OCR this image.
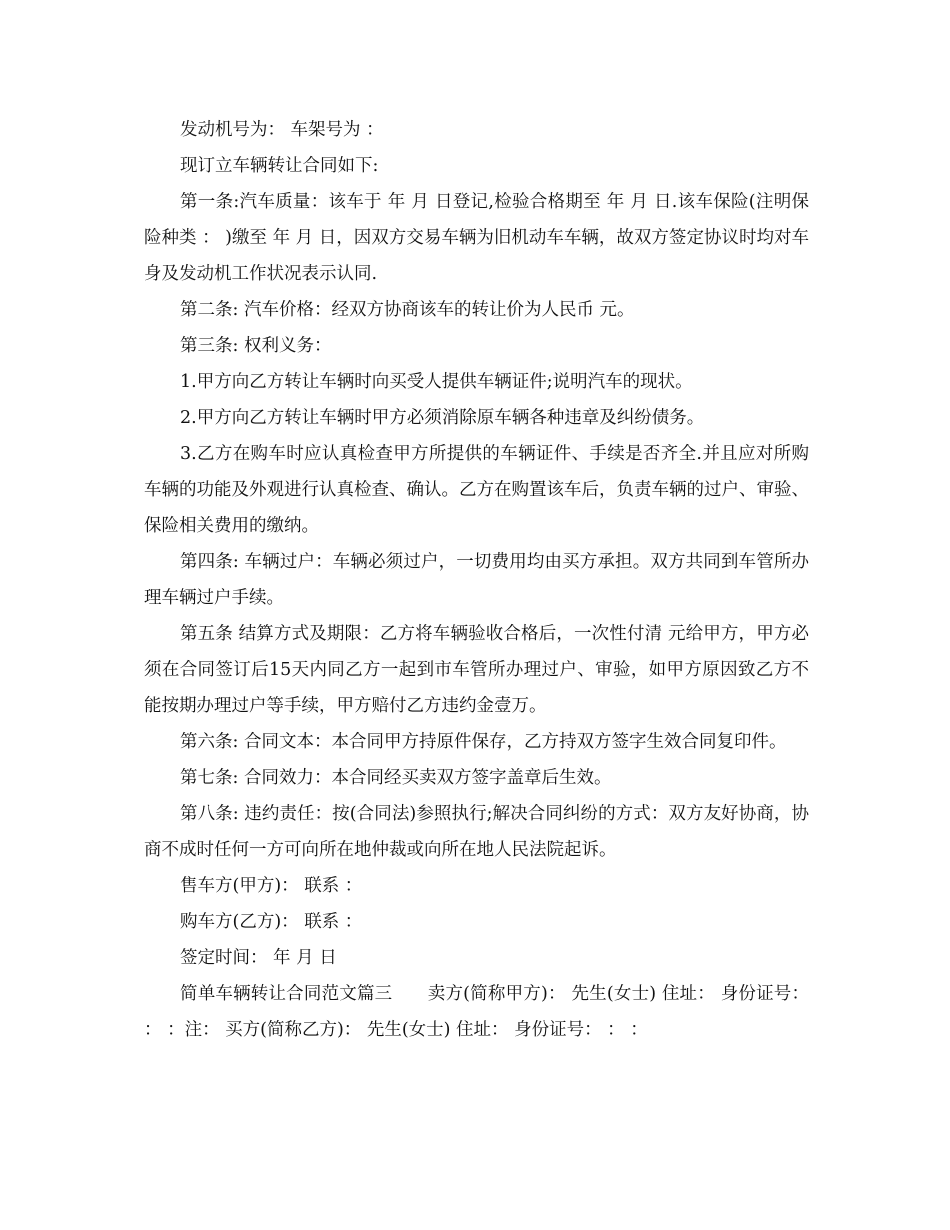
发动机号为： 车架号为 ：

现订立车辆转让合同如下:

第一条:汽车质量：该车于 年 月 日登记,检验合格期至 年 月 日.该车保险(注明保险种类 ： )缴至 年 月 日，因双方交易车辆为旧机动车车辆，故双方签定协议时均对车身及发动机工作状况表示认同.

第二条: 汽车价格：经双方协商该车的转让价为人民币 元。

第三条: 权利义务：

1.甲方向乙方转让车辆时向买受人提供车辆证件;说明汽车的现状。

2.甲方向乙方转让车辆时甲方必须消除原车辆各种违章及纠纷债务。

3.乙方在购车时应认真检查甲方所提供的车辆证件、手续是否齐全.并且应对所购车辆的功能及外观进行认真检查、确认。乙方在购置该车后，负责车辆的过户、审验、保险相关费用的缴纳。

第四条: 车辆过户：车辆必须过户，一切费用均由买方承担。双方共同到车管所办理车辆过户手续。

第五条 结算方式及期限：乙方将车辆验收合格后，一次性付清 元给甲方，甲方必须在合同签订后15天内同乙方一起到市车管所办理过户、审验，如甲方原因致乙方不能按期办理过户等手续，甲方赔付乙方违约金壹万。

第六条: 合同文本：本合同甲方持原件保存，乙方持双方签字生效合同复印件。

第七条: 合同效力：本合同经买卖双方签字盖章后生效。

第八条: 违约责任：按(合同法)参照执行;解决合同纠纷的方式：双方友好协商，协商不成时任何一方可向所在地仲裁或向所在地人民法院起诉。

售车方(甲方)： 联系 ：

购车方(乙方)： 联系 ：

签定时间： 年 月 日

简单车辆转让合同范文篇三　　卖方(简称甲方)： 先生(女士) 住址： 身份证号： ： ：注： 买方(简称乙方)： 先生(女士) 住址： 身份证号： ： ：
